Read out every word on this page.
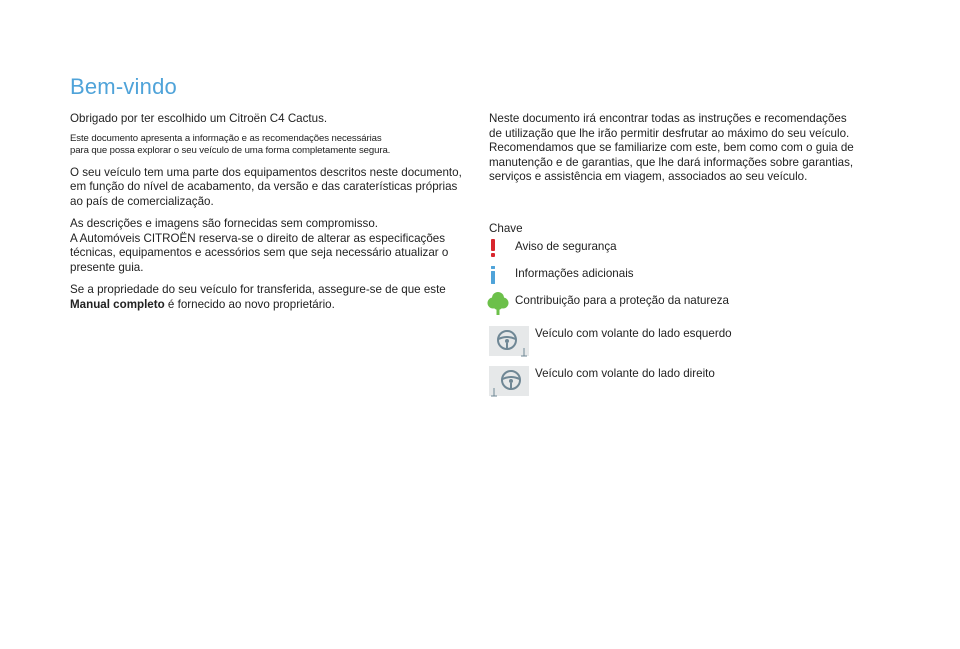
Bem-vindo

Obrigado por ter escolhido um Citroën C4 Cactus.

Este documento apresenta a informação e as recomendações necessárias
para que possa explorar o seu veículo de uma forma completamente segura.

O seu veículo tem uma parte dos equipamentos descritos neste documento, em função do nível de acabamento, da versão e das caraterísticas próprias ao país de comercialização.

As descrições e imagens são fornecidas sem compromisso.
A Automóveis CITROËN reserva-se o direito de alterar as especificações técnicas, equipamentos e acessórios sem que seja necessário atualizar o presente guia.

Se a propriedade do seu veículo for transferida, assegure-se de que este Manual completo é fornecido ao novo proprietário.

Neste documento irá encontrar todas as instruções e recomendações
de utilização que lhe irão permitir desfrutar ao máximo do seu veículo.
Recomendamos que se familiarize com este, bem como com o guia de
manutenção e de garantias, que lhe dará informações sobre garantias,
serviços e assistência em viagem, associados ao seu veículo.

Chave
Aviso de segurança
Informações adicionais
Contribuição para a proteção da natureza
Veículo com volante do lado esquerdo
Veículo com volante do lado direito
